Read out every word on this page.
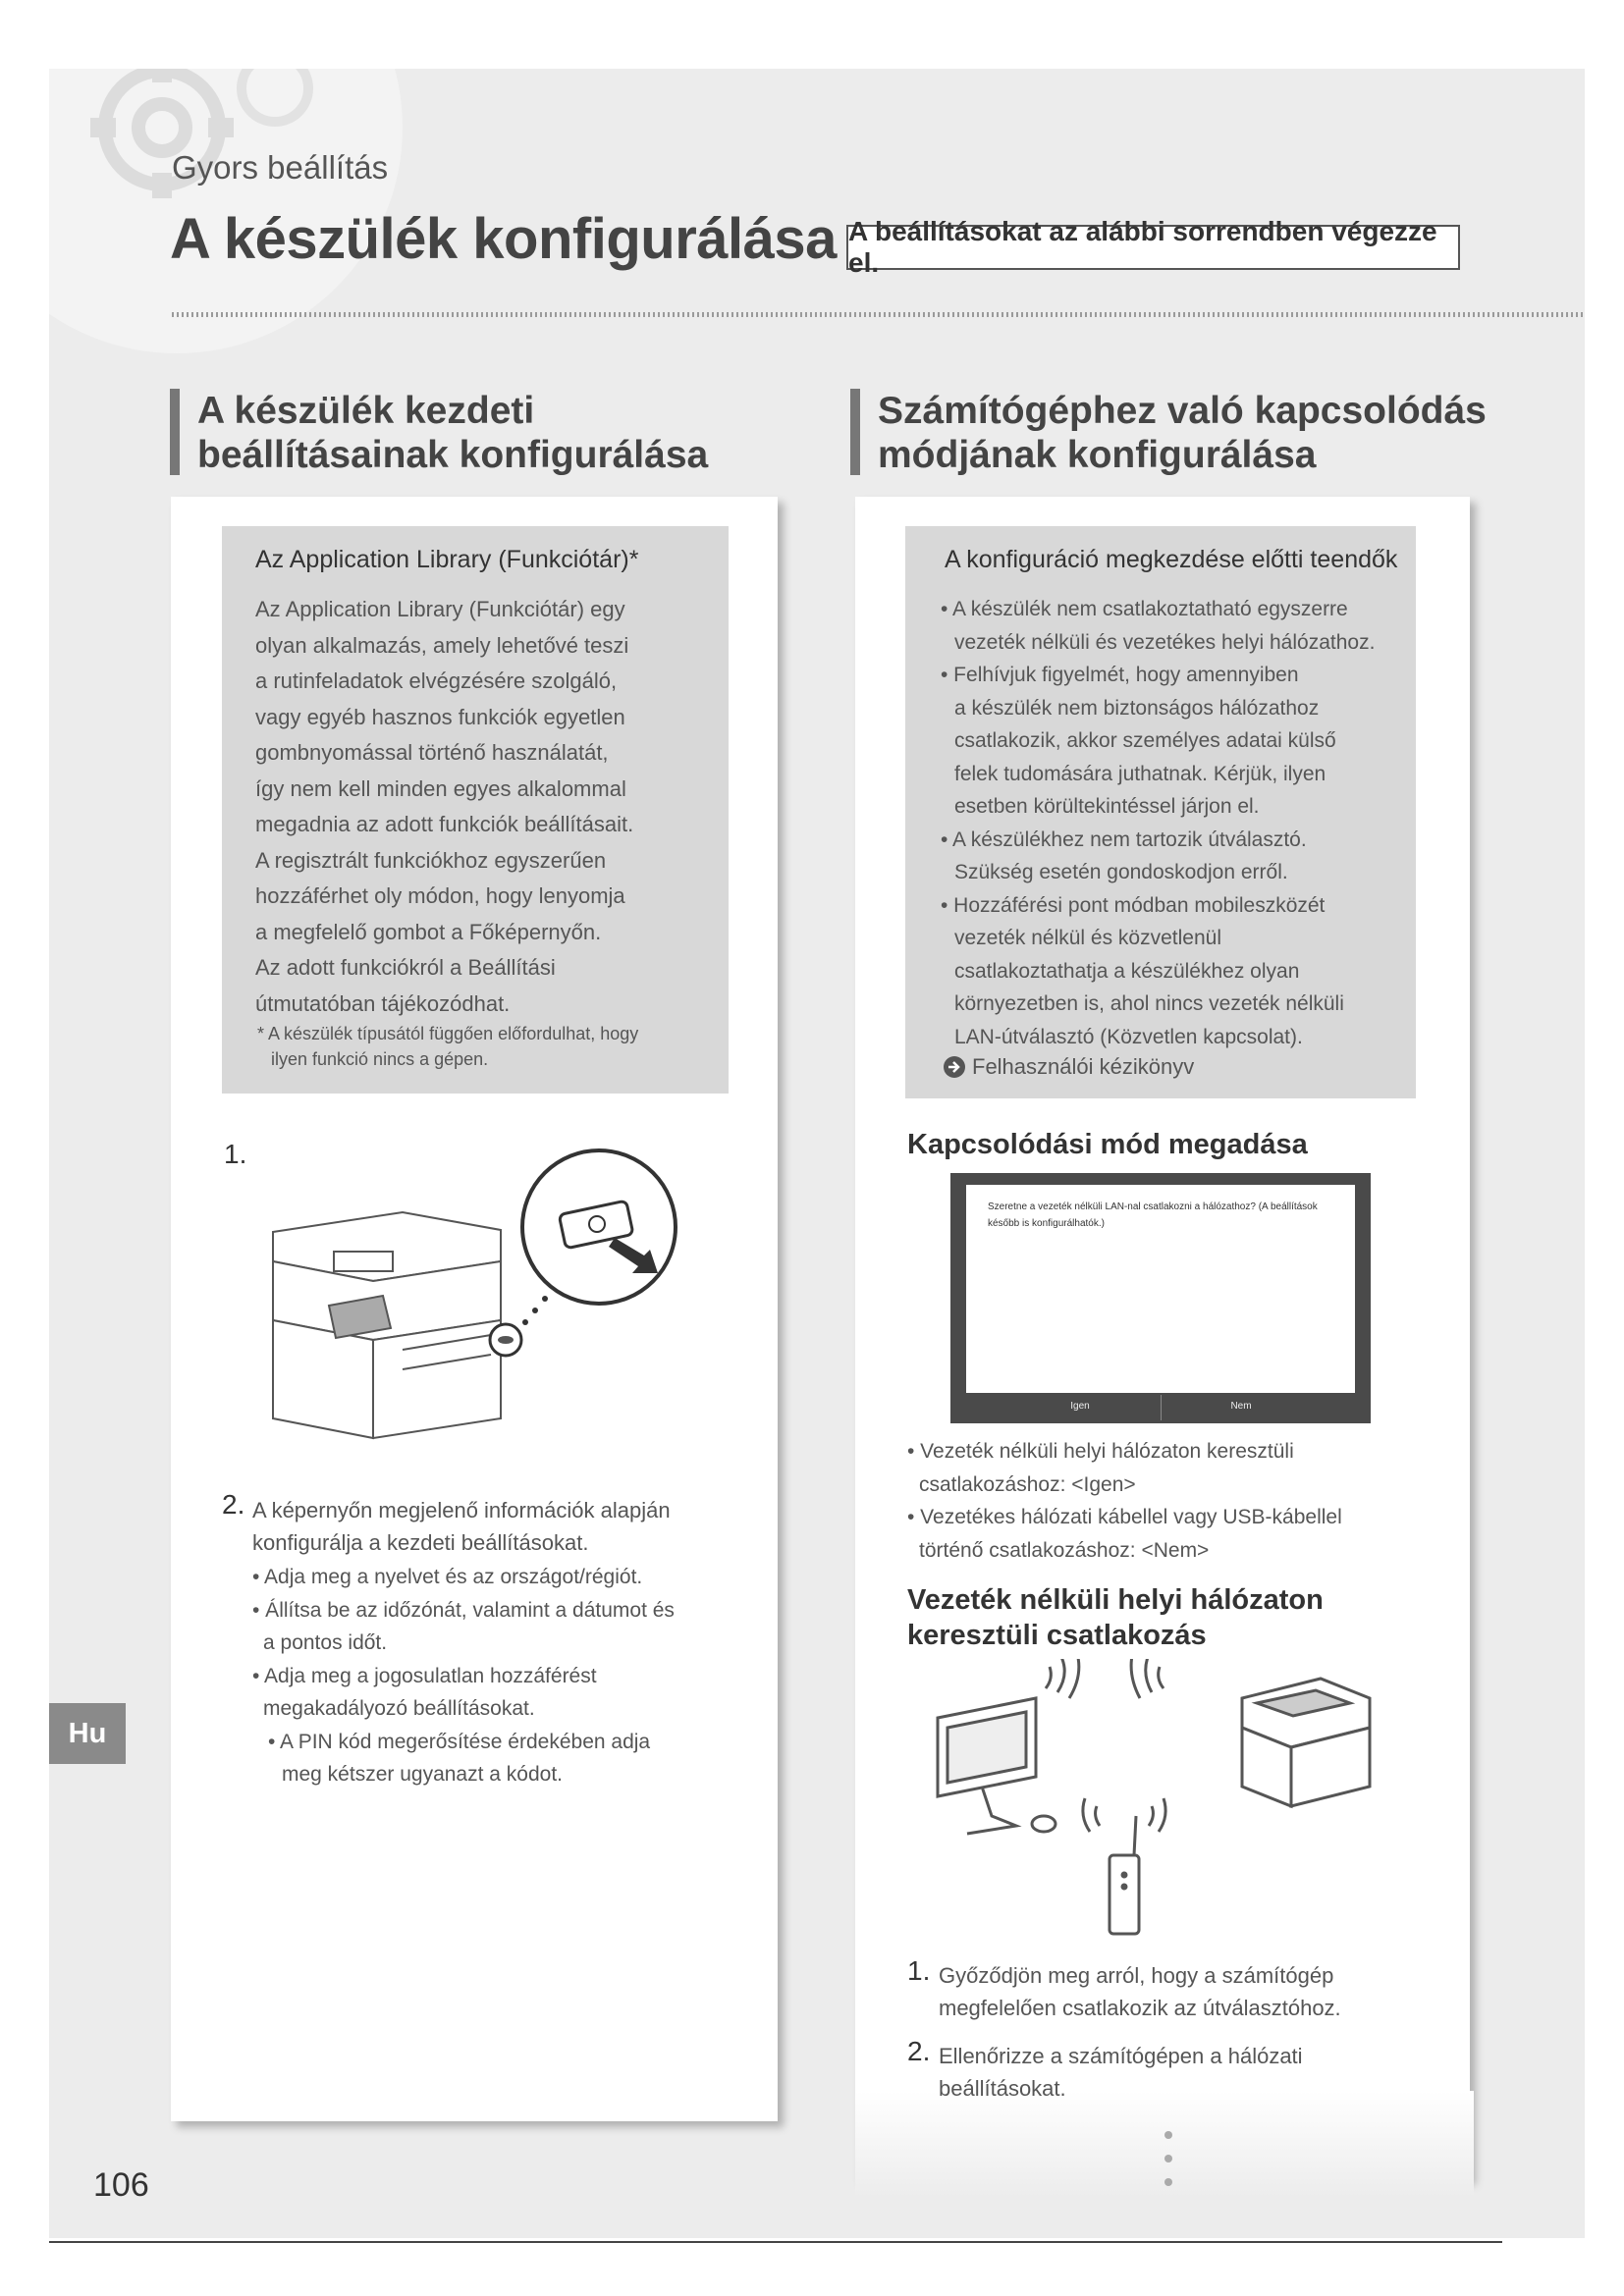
Gyors beállítás
A készülék konfigurálása A beállításokat az alábbi sorrendben végezze el.
A készülék kezdeti beállításainak konfigurálása
Számítógéphez való kapcsolódás módjának konfigurálása
Az Application Library (Funkciótár)*
Az Application Library (Funkciótár) egy
olyan alkalmazás, amely lehetővé teszi
a rutinfeladatok elvégzésére szolgáló,
vagy egyéb hasznos funkciók egyetlen
gombnyomással történő használatát,
így nem kell minden egyes alkalommal
megadnia az adott funkciók beállításait.
A regisztrált funkciókhoz egyszerűen
hozzáférhet oly módon, hogy lenyomja
a megfelelő gombot a Főképernyőn.
Az adott funkciókról a Beállítási
útmutatóban tájékozódhat.
* A készülék típusától függően előfordulhat, hogy
ilyen funkció nincs a gépen.
1.
2. A képernyőn megjelenő információk alapján
konfigurálja a kezdeti beállításokat.
• Adja meg a nyelvet és az országot/régiót.
• Állítsa be az időzónát, valamint a dátumot és
a pontos időt.
• Adja meg a jogosulatlan hozzáférést
megakadályozó beállításokat.
• A PIN kód megerősítése érdekében adja
meg kétszer ugyanazt a kódot.
A konfiguráció megkezdése előtti teendők
• A készülék nem csatlakoztatható egyszerre
vezeték nélküli és vezetékes helyi hálózathoz.
• Felhívjuk figyelmét, hogy amennyiben
a készülék nem biztonságos hálózathoz
csatlakozik, akkor személyes adatai külső
felek tudomására juthatnak. Kérjük, ilyen
esetben körültekintéssel járjon el.
• A készülékhez nem tartozik útválasztó.
Szükség esetén gondoskodjon erről.
• Hozzáférési pont módban mobileszközét
vezeték nélkül és közvetlenül
csatlakoztathatja a készülékhez olyan
környezetben is, ahol nincs vezeték nélküli
LAN-útválasztó (Közvetlen kapcsolat).
Felhasználói kézikönyv
Kapcsolódási mód megadása
Szeretne a vezeték nélküli LAN-nal csatlakozni a hálózathoz? (A beállítások később is konfigurálhatók.)
Igen	Nem
• Vezeték nélküli helyi hálózaton keresztüli
csatlakozáshoz: <Igen>
• Vezetékes hálózati kábellel vagy USB-kábellel
történő csatlakozáshoz: <Nem>
Vezeték nélküli helyi hálózaton
keresztüli csatlakozás
1. Győződjön meg arról, hogy a számítógép
megfelelően csatlakozik az útválasztóhoz.
2. Ellenőrizze a számítógépen a hálózati
beállításokat.
Hu
106
